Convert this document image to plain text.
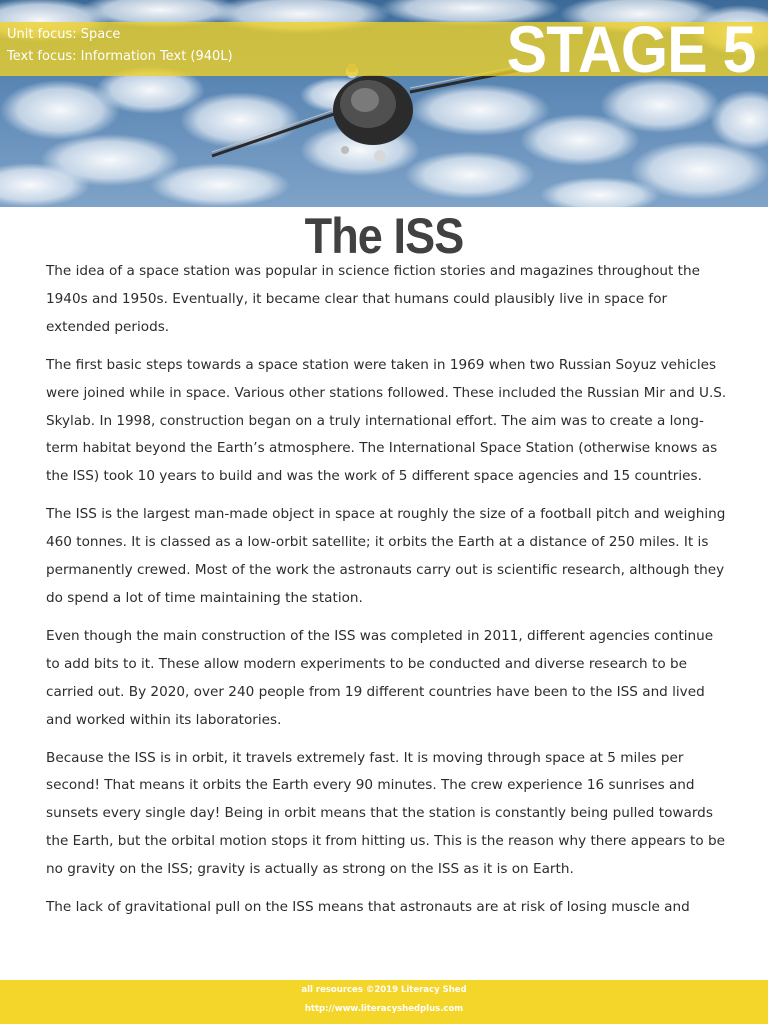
Unit focus: Space
Text focus: Information Text (940L)	STAGE 5
The ISS

The idea of a space station was popular in science fiction stories and magazines throughout the 1940s and 1950s. Eventually, it became clear that humans could plausibly live in space for extended periods.

The first basic steps towards a space station were taken in 1969 when two Russian Soyuz vehicles were joined while in space. Various other stations followed. These included the Russian Mir and U.S. Skylab. In 1998, construction began on a truly international effort. The aim was to create a long-term habitat beyond the Earth’s atmosphere. The International Space Station (otherwise knows as the ISS) took 10 years to build and was the work of 5 different space agencies and 15 countries.

The ISS is the largest man-made object in space at roughly the size of a football pitch and weighing 460 tonnes. It is classed as a low-orbit satellite; it orbits the Earth at a distance of 250 miles. It is permanently crewed. Most of the work the astronauts carry out is scientific research, although they do spend a lot of time maintaining the station.

Even though the main construction of the ISS was completed in 2011, different agencies continue to add bits to it. These allow modern experiments to be conducted and diverse research to be carried out. By 2020, over 240 people from 19 different countries have been to the ISS and lived and worked within its laboratories.

Because the ISS is in orbit, it travels extremely fast. It is moving through space at 5 miles per second! That means it orbits the Earth every 90 minutes. The crew experience 16 sunrises and sunsets every single day! Being in orbit means that the station is constantly being pulled towards the Earth, but the orbital motion stops it from hitting us. This is the reason why there appears to be no gravity on the ISS; gravity is actually as strong on the ISS as it is on Earth.

The lack of gravitational pull on the ISS means that astronauts are at risk of losing muscle and

all resources ©2019 Literacy Shed
http://www.literacyshedplus.com
